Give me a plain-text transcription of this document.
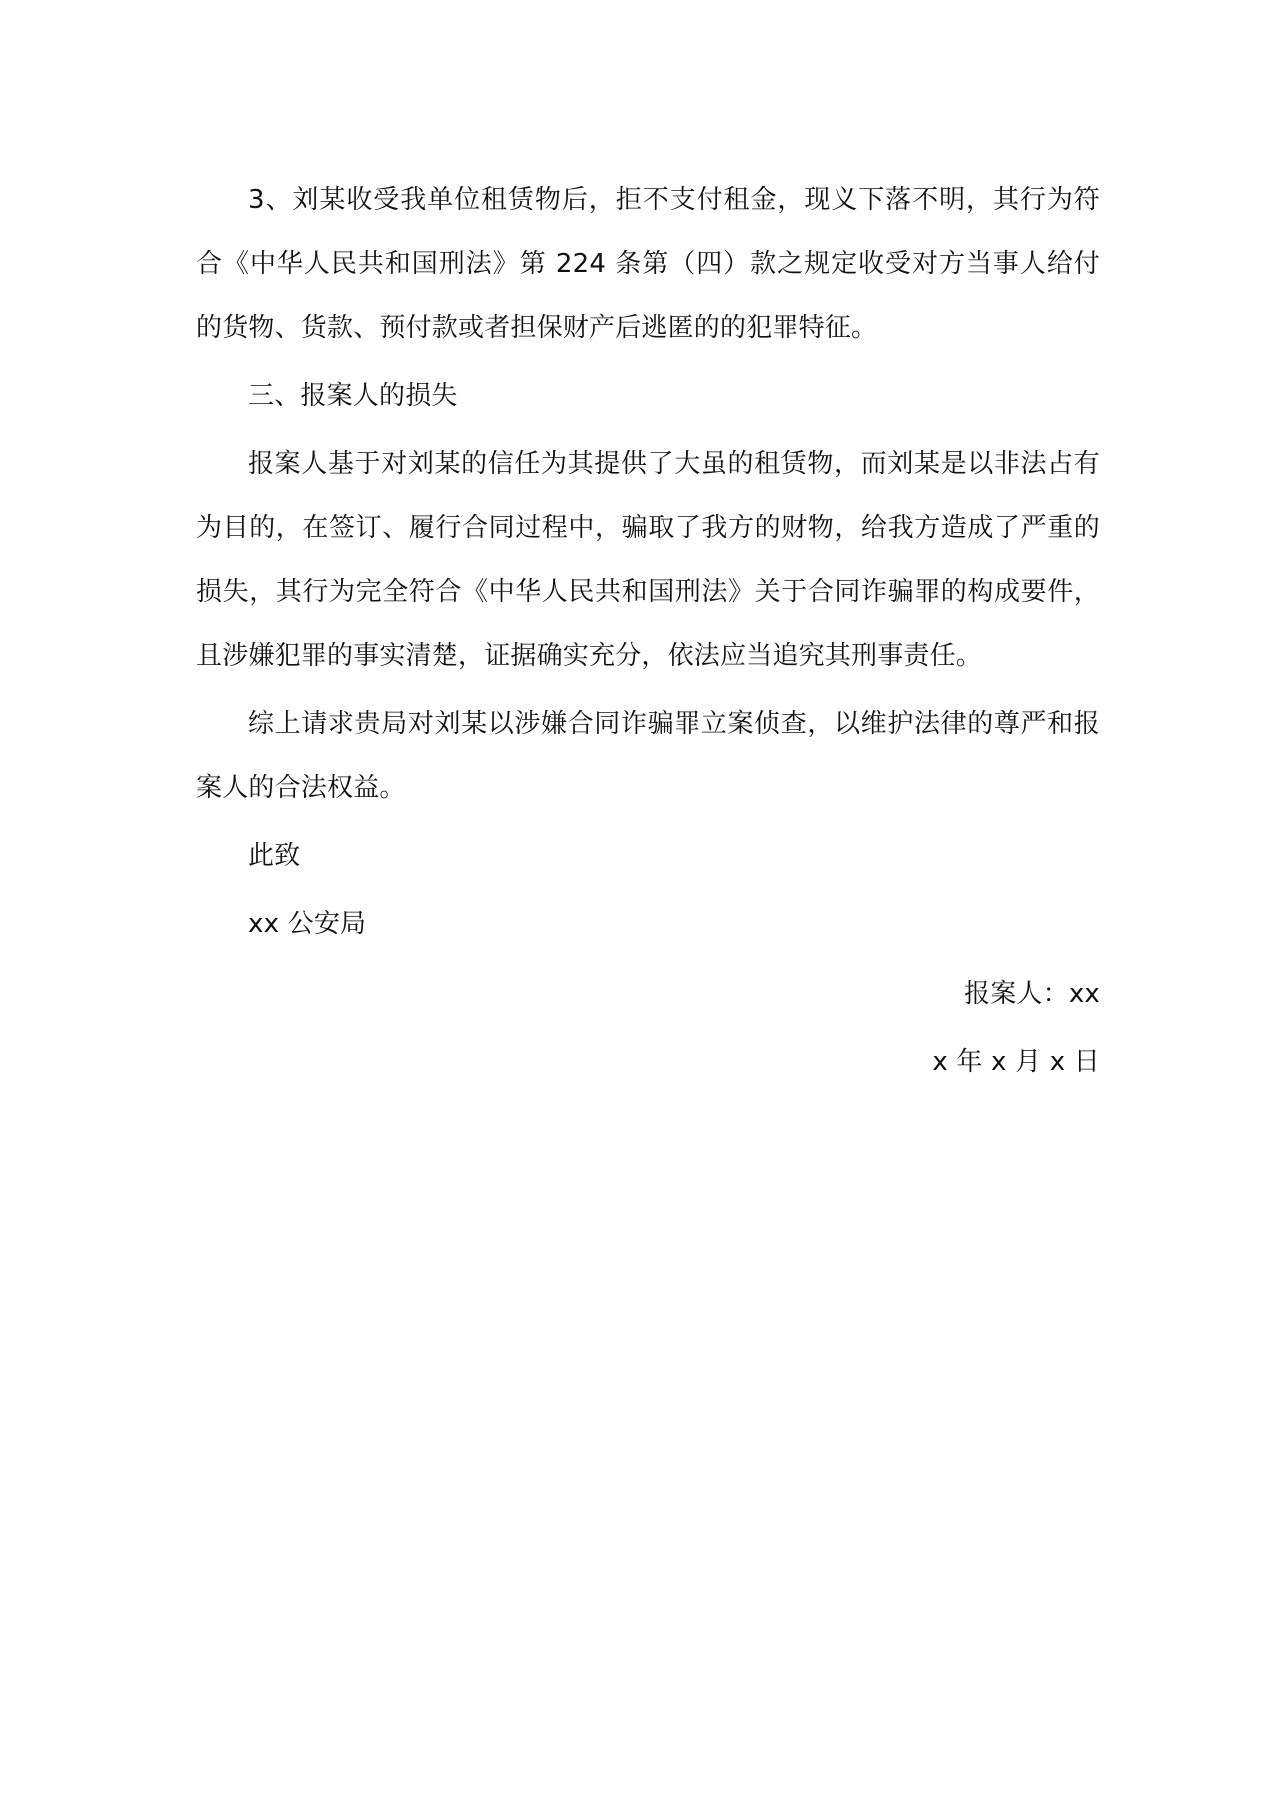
3、刘某收受我单位租赁物后，拒不支付租金，现义下落不明，其行为符合《中华人民共和国刑法》第 224 条第（四）款之规定收受对方当事人给付的货物、货款、预付款或者担保财产后逃匿的的犯罪特征。

三、报案人的损失

报案人基于对刘某的信任为其提供了大虽的租赁物，而刘某是以非法占有为目的，在签订、履行合同过程中，骗取了我方的财物，给我方造成了严重的损失，其行为完全符合《中华人民共和国刑法》关于合同诈骗罪的构成要件，且涉嫌犯罪的事实清楚，证据确实充分，依法应当追究其刑事责任。

综上请求贵局对刘某以涉嫌合同诈骗罪立案侦查，以维护法律的尊严和报案人的合法权益。

此致

xx 公安局

报案人：xx

x 年 x 月 x 日
